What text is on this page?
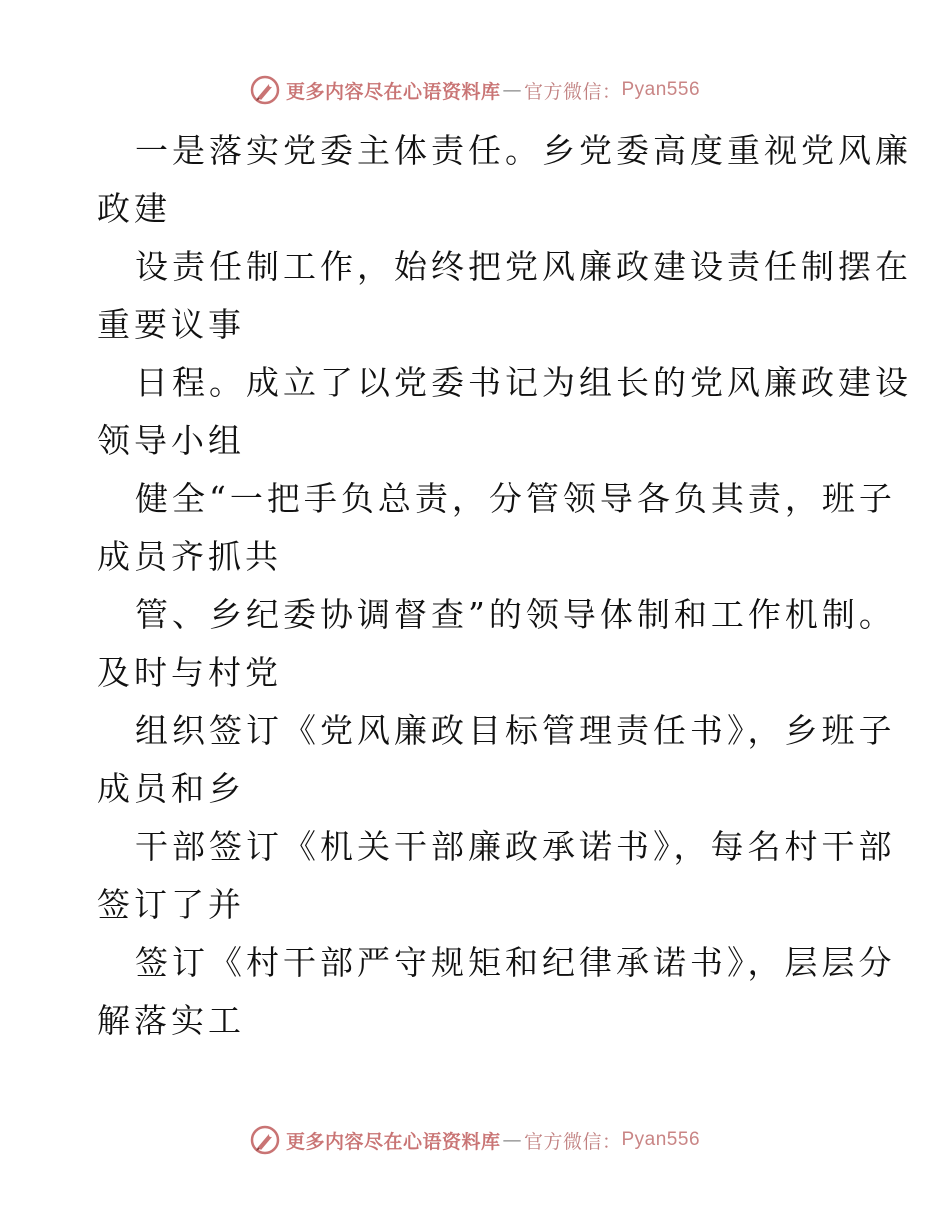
更多内容尽在心语资料库 — 官方微信： Pyan556
一是落实党委主体责任。乡党委高度重视党风廉
政建
设责任制工作，始终把党风廉政建设责任制摆在
重要议事
日程。成立了以党委书记为组长的党风廉政建设
领导小组
健全“一把手负总责，分管领导各负其责，班子
成员齐抓共
管、乡纪委协调督查”的领导体制和工作机制。
及时与村党
组织签订《党风廉政目标管理责任书》，乡班子
成员和乡
干部签订《机关干部廉政承诺书》，每名村干部
签订了并
签订《村干部严守规矩和纪律承诺书》，层层分
解落实工
更多内容尽在心语资料库 — 官方微信： Pyan556
